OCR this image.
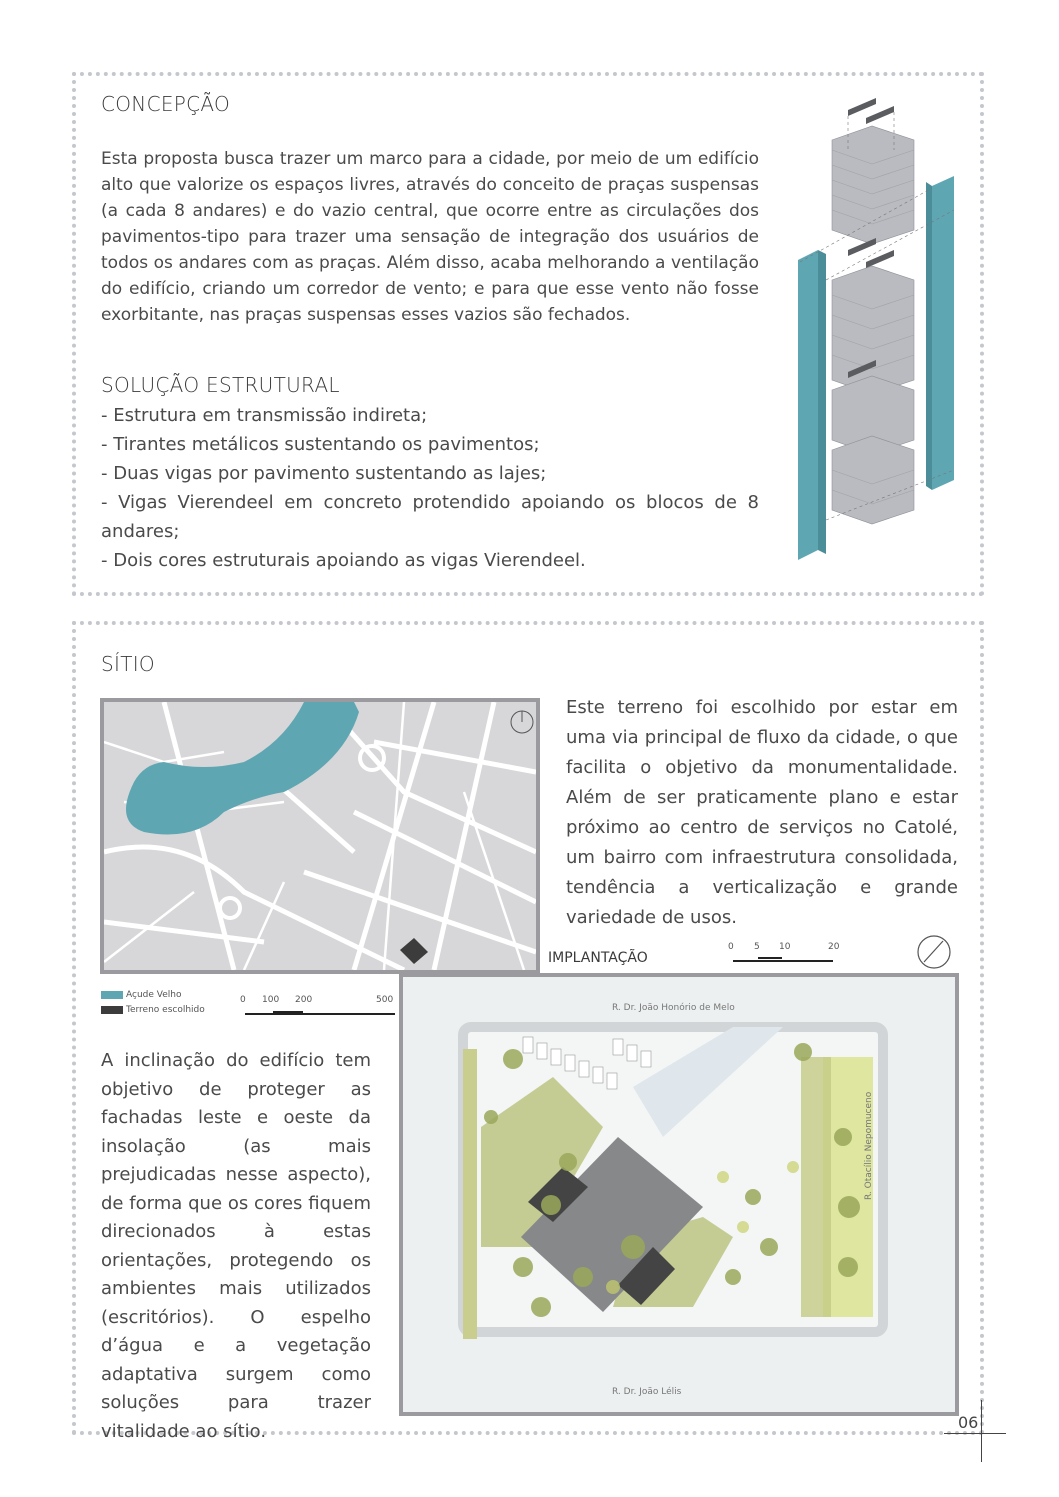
CONCEPÇÃO
Esta proposta busca trazer um marco para a cidade, por meio de um edifício alto que valorize os espaços livres, através do conceito de praças suspensas (a cada 8 andares) e do vazio central, que ocorre entre as circulações dos pavimentos-tipo para trazer uma sensação de integração dos usuários de todos os andares com as praças. Além disso, acaba melhorando a ventilação do edifício, criando um corredor de vento; e para que esse vento não fosse exorbitante, nas praças suspensas esses vazios são fechados.
SOLUÇÃO ESTRUTURAL
- Estrutura em transmissão indireta;
- Tirantes metálicos sustentando os pavimentos;
- Duas vigas por pavimento sustentando as lajes;
- Vigas Vierendeel em concreto protendido apoiando os blocos de 8 andares;
- Dois cores estruturais apoiando as vigas Vierendeel.
SÍTIO
Este terreno foi escolhido por estar em uma via principal de fluxo da cidade, o que facilita o objetivo da monumentalidade. Além de ser praticamente plano e estar próximo ao centro de serviços no Catolé, um bairro com infraestrutura consolidada, tendência a verticalização e grande variedade de usos.
Açude Velho
Terreno escolhido
0 100 200	500
IMPLANTAÇÃO
0 5 10	20
R. Dr. João Honório de Melo
R. Dr. João Lélis
R. Otacílio Nepomuceno
A inclinação do edifício tem objetivo de proteger as fachadas leste e oeste da insolação (as mais prejudicadas nesse aspecto), de forma que os cores fiquem direcionados à estas orientações, protegendo os ambientes mais utilizados (escritórios). O espelho d’água e a vegetação adaptativa surgem como soluções para trazer vitalidade ao sítio.	06
